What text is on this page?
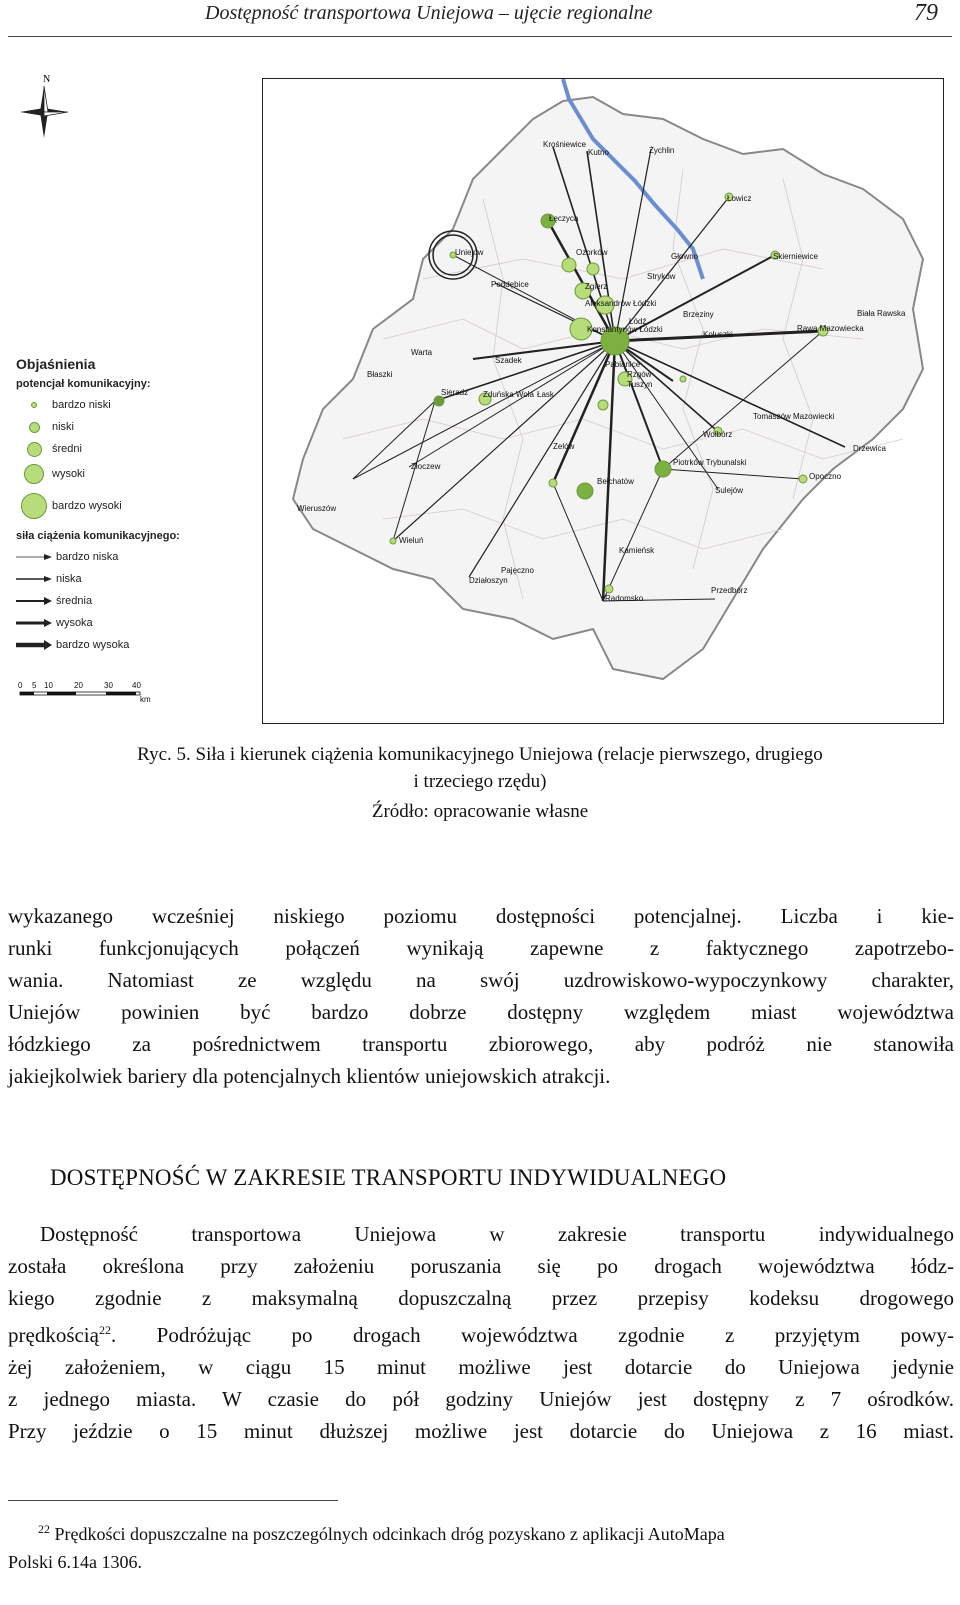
Dostępność transportowa Uniejowa – ujęcie regionalne	79
N
Krośniewice
Kutno	Żychlin
Łowicz
Łęczyca
Uniejów	Ozorków	Głowno	Skierniewice
Poddębice
Stryków
Zgierz
Aleksandrów Łódzki
Łódź
Brzeziny	Biała Rawska
Konstantynów Łódzki
Koluszki
Rawa Mazowiecka
Warta
Szadek	Pabianice
Błaszki
Sieradz Zduńska Wola Łask
Rzgów
Tuszyn
Tomaszów Mazowiecki
Drzewica
Zelów
Wolbórz
Złoczew	Piotrków Trybunalski
Bełchatów
Opoczno
Sulejów
Wieruszów
Wieluń
Kamieńsk
Pajęczno
Działoszyn
Radomsko
Przedbórz
Objaśnienia
potencjał komunikacyjny:
bardzo niski
niski
średni
wysoki
bardzo wysoki
siła ciążenia komunikacyjnego:
bardzo niska
niska
średnia
wysoka
bardzo wysoka
0 5 10	20	30 40
km
Ryc. 5. Siła i kierunek ciążenia komunikacyjnego Uniejowa (relacje pierwszego, drugiego
i trzeciego rzędu)
Źródło: opracowanie własne
wykazanego wcześniej niskiego poziomu dostępności potencjalnej. Liczba i kie-
runki funkcjonujących połączeń wynikają zapewne z faktycznego zapotrzebo-
wania. Natomiast ze względu na swój uzdrowiskowo-wypoczynkowy charakter,
Uniejów powinien być bardzo dobrze dostępny względem miast województwa
łódzkiego za pośrednictwem transportu zbiorowego, aby podróż nie stanowiła
jakiejkolwiek bariery dla potencjalnych klientów uniejowskich atrakcji.
DOSTĘPNOŚĆ W ZAKRESIE TRANSPORTU INDYWIDUALNEGO
Dostępność transportowa Uniejowa w zakresie transportu indywidualnego
została określona przy założeniu poruszania się po drogach województwa łódz-
kiego zgodnie z maksymalną dopuszczalną przez przepisy kodeksu drogowego
prędkością$^{22}$. Podróżując po drogach województwa zgodnie z przyjętym powy-
żej założeniem, w ciągu 15 minut możliwe jest dotarcie do Uniejowa jedynie
z jednego miasta. W czasie do pół godziny Uniejów jest dostępny z 7 ośrodków.
Przy jeździe o 15 minut dłuższej możliwe jest dotarcie do Uniejowa z 16 miast.
$^{22}$ Prędkości dopuszczalne na poszczególnych odcinkach dróg pozyskano z aplikacji AutoMapa
Polski 6.14a 1306.
